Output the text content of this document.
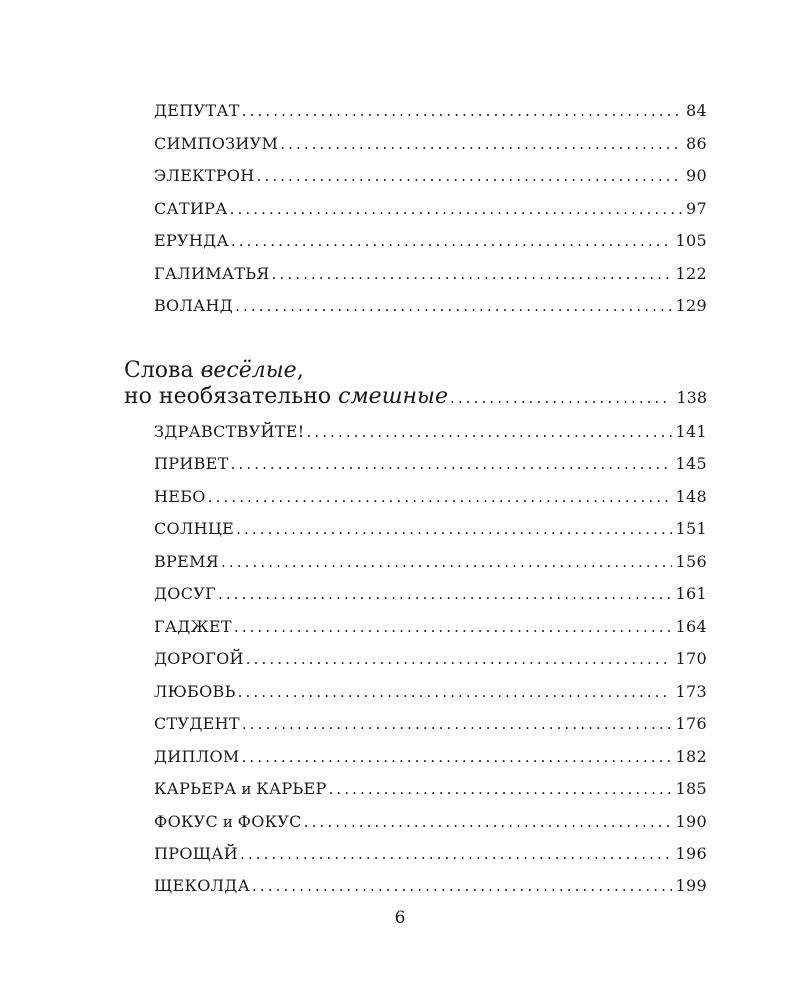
ДЕПУТАТ .....	84
СИМПОЗИУМ .....	86
ЭЛЕКТРОН .....	90
САТИРА .....	97
ЕРУНДА .....	105
ГАЛИМАТЬЯ .....	122
ВОЛАНД .....	129
Слова весёлые,
но необязательно смешные .....	138
ЗДРАВСТВУЙТЕ! .....	141
ПРИВЕТ .....	145
НЕБО .....	148
СОЛНЦЕ .....	151
ВРЕМЯ .....	156
ДОСУГ .....	161
ГАДЖЕТ .....	164
ДОРОГОЙ .....	170
ЛЮБОВЬ .....	173
СТУДЕНТ .....	176
ДИПЛОМ .....	182
КАРЬЕРА и КАРЬЕР .....	185
ФОКУС и ФОКУС .....	190
ПРОЩАЙ .....	196
ЩЕКОЛДА .....	199
6
